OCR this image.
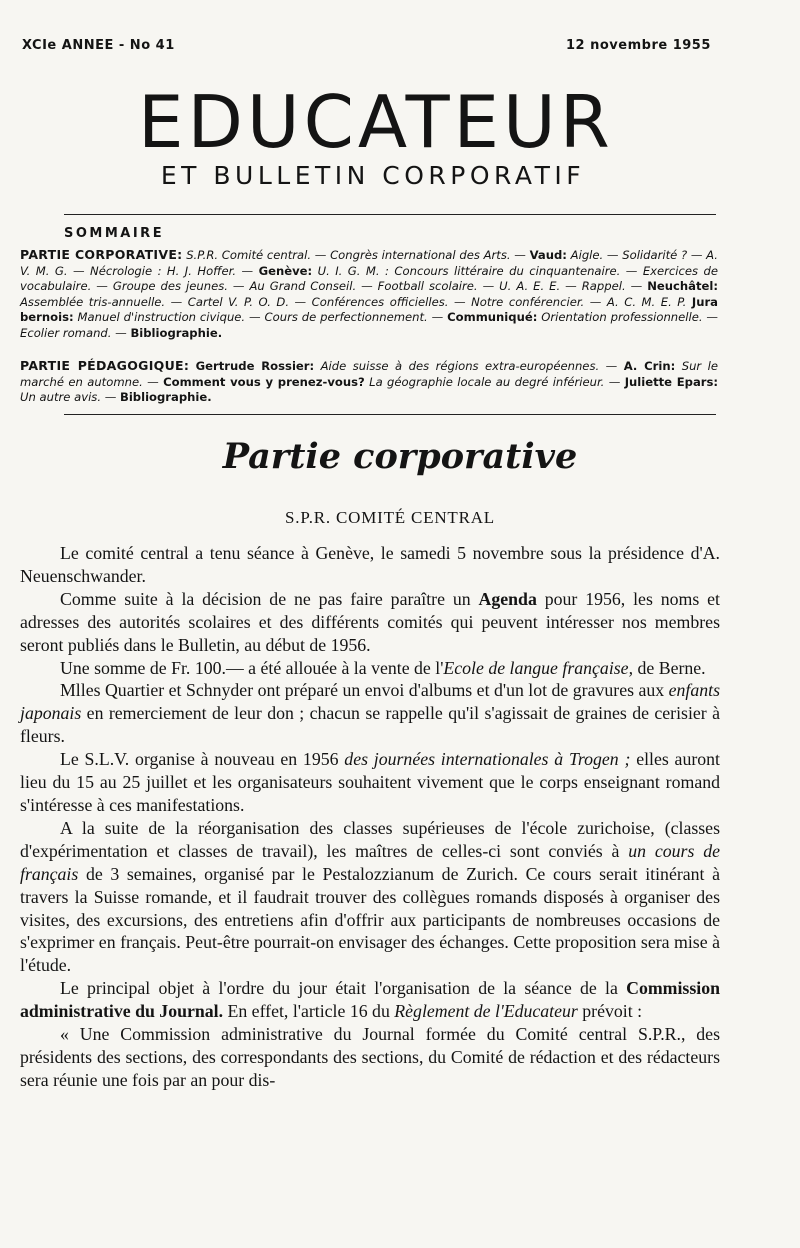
XCIe ANNEE - No 41	12 novembre 1955
EDUCATEUR
ET BULLETIN CORPORATIF
SOMMAIRE
PARTIE CORPORATIVE: S.P.R. Comité central. — Congrès international des Arts. — Vaud: Aigle. — Solidarité ? — A. V. M. G. — Nécrologie : H. J. Hoffer. — Genève: U. I. G. M. : Concours littéraire du cinquantenaire. — Exercices de vocabulaire. — Groupe des jeunes. — Au Grand Conseil. — Football scolaire. — U. A. E. E. — Rappel. — Neuchâtel: Assemblée tris-annuelle. — Cartel V. P. O. D. — Conférences officielles. — Notre conférencier. — A. C. M. E. P. Jura bernois: Manuel d'instruction civique. — Cours de perfectionnement. — Communiqué: Orientation professionnelle. — Ecolier romand. — Bibliographie.
PARTIE PÉDAGOGIQUE: Gertrude Rossier: Aide suisse à des régions extra-européennes. — A. Crin: Sur le marché en automne. — Comment vous y prenez-vous? La géographie locale au degré inférieur. — Juliette Epars: Un autre avis. — Bibliographie.
Partie corporative
S.P.R. COMITÉ CENTRAL

Le comité central a tenu séance à Genève, le samedi 5 novembre sous la présidence d'A. Neuenschwander.

Comme suite à la décision de ne pas faire paraître un Agenda pour 1956, les noms et adresses des autorités scolaires et des différents comités qui peuvent intéresser nos membres seront publiés dans le Bulletin, au début de 1956.

Une somme de Fr. 100.— a été allouée à la vente de l'Ecole de langue française, de Berne.

Mlles Quartier et Schnyder ont préparé un envoi d'albums et d'un lot de gravures aux enfants japonais en remerciement de leur don ; chacun se rappelle qu'il s'agissait de graines de cerisier à fleurs.

Le S.L.V. organise à nouveau en 1956 des journées internationales à Trogen ; elles auront lieu du 15 au 25 juillet et les organisateurs souhaitent vivement que le corps enseignant romand s'intéresse à ces manifestations.

A la suite de la réorganisation des classes supérieuses de l'école zurichoise, (classes d'expérimentation et classes de travail), les maîtres de celles-ci sont conviés à un cours de français de 3 semaines, organisé par le Pestalozzianum de Zurich. Ce cours serait itinérant à travers la Suisse romande, et il faudrait trouver des collègues romands disposés à organiser des visites, des excursions, des entretiens afin d'offrir aux participants de nombreuses occasions de s'exprimer en français. Peut-être pourrait-on envisager des échanges. Cette proposition sera mise à l'étude.

Le principal objet à l'ordre du jour était l'organisation de la séance de la Commission administrative du Journal. En effet, l'article 16 du Règlement de l'Educateur prévoit :

« Une Commission administrative du Journal formée du Comité central S.P.R., des présidents des sections, des correspondants des sections, du Comité de rédaction et des rédacteurs sera réunie une fois par an pour dis-
